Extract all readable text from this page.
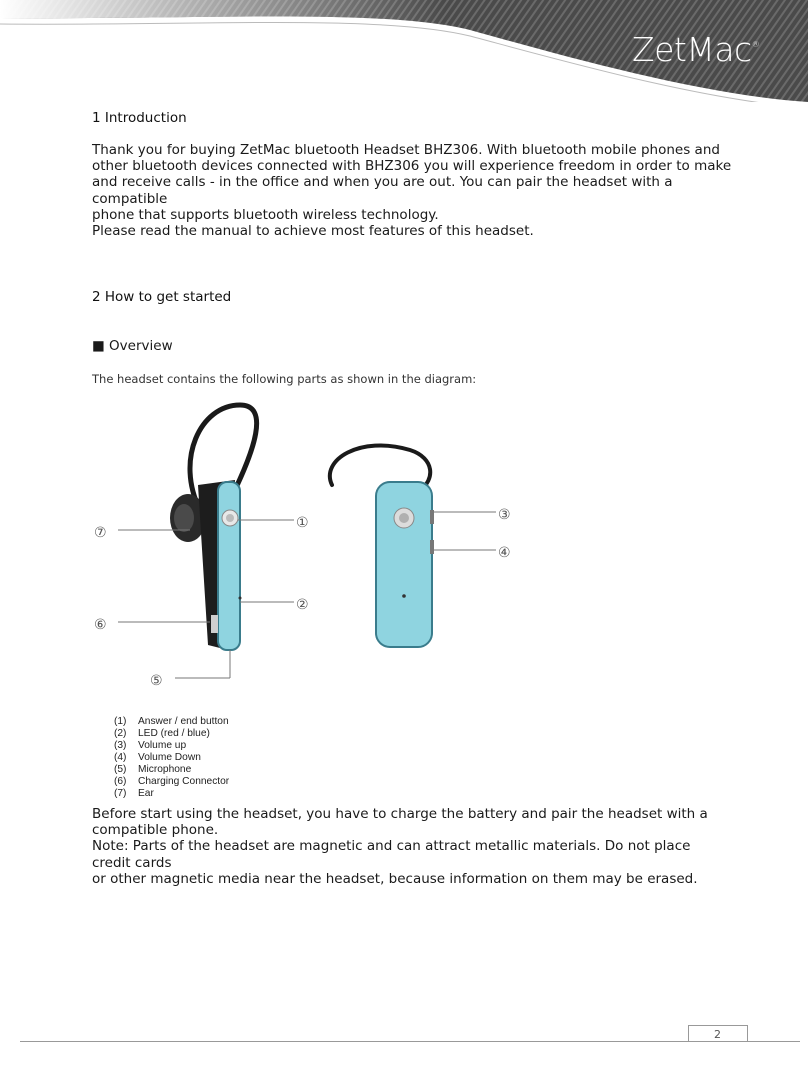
ZetMac®
1 Introduction

Thank you for buying ZetMac bluetooth Headset BHZ306. With bluetooth mobile phones and

other bluetooth devices connected with BHZ306 you will experience freedom in order to make

and receive calls - in the office and when you are out. You can pair the headset with a compatible

phone that supports bluetooth wireless technology.

Please read the manual to achieve most features of this headset.

2 How to get started
■ Overview
The headset contains the following parts as shown in the diagram:
⑦
①
②
⑥
⑤
③
④
(1)	Answer / end button
(2)	LED (red / blue)
(3)	Volume up
(4)	Volume Down
(5)	Microphone
(6)	Charging Connector
(7)	Ear

Before start using the headset, you have to charge the battery and pair the headset with a

compatible phone.

Note: Parts of the headset are magnetic and can attract metallic materials. Do not place credit cards

or other magnetic media near the headset, because information on them may be erased.

2
